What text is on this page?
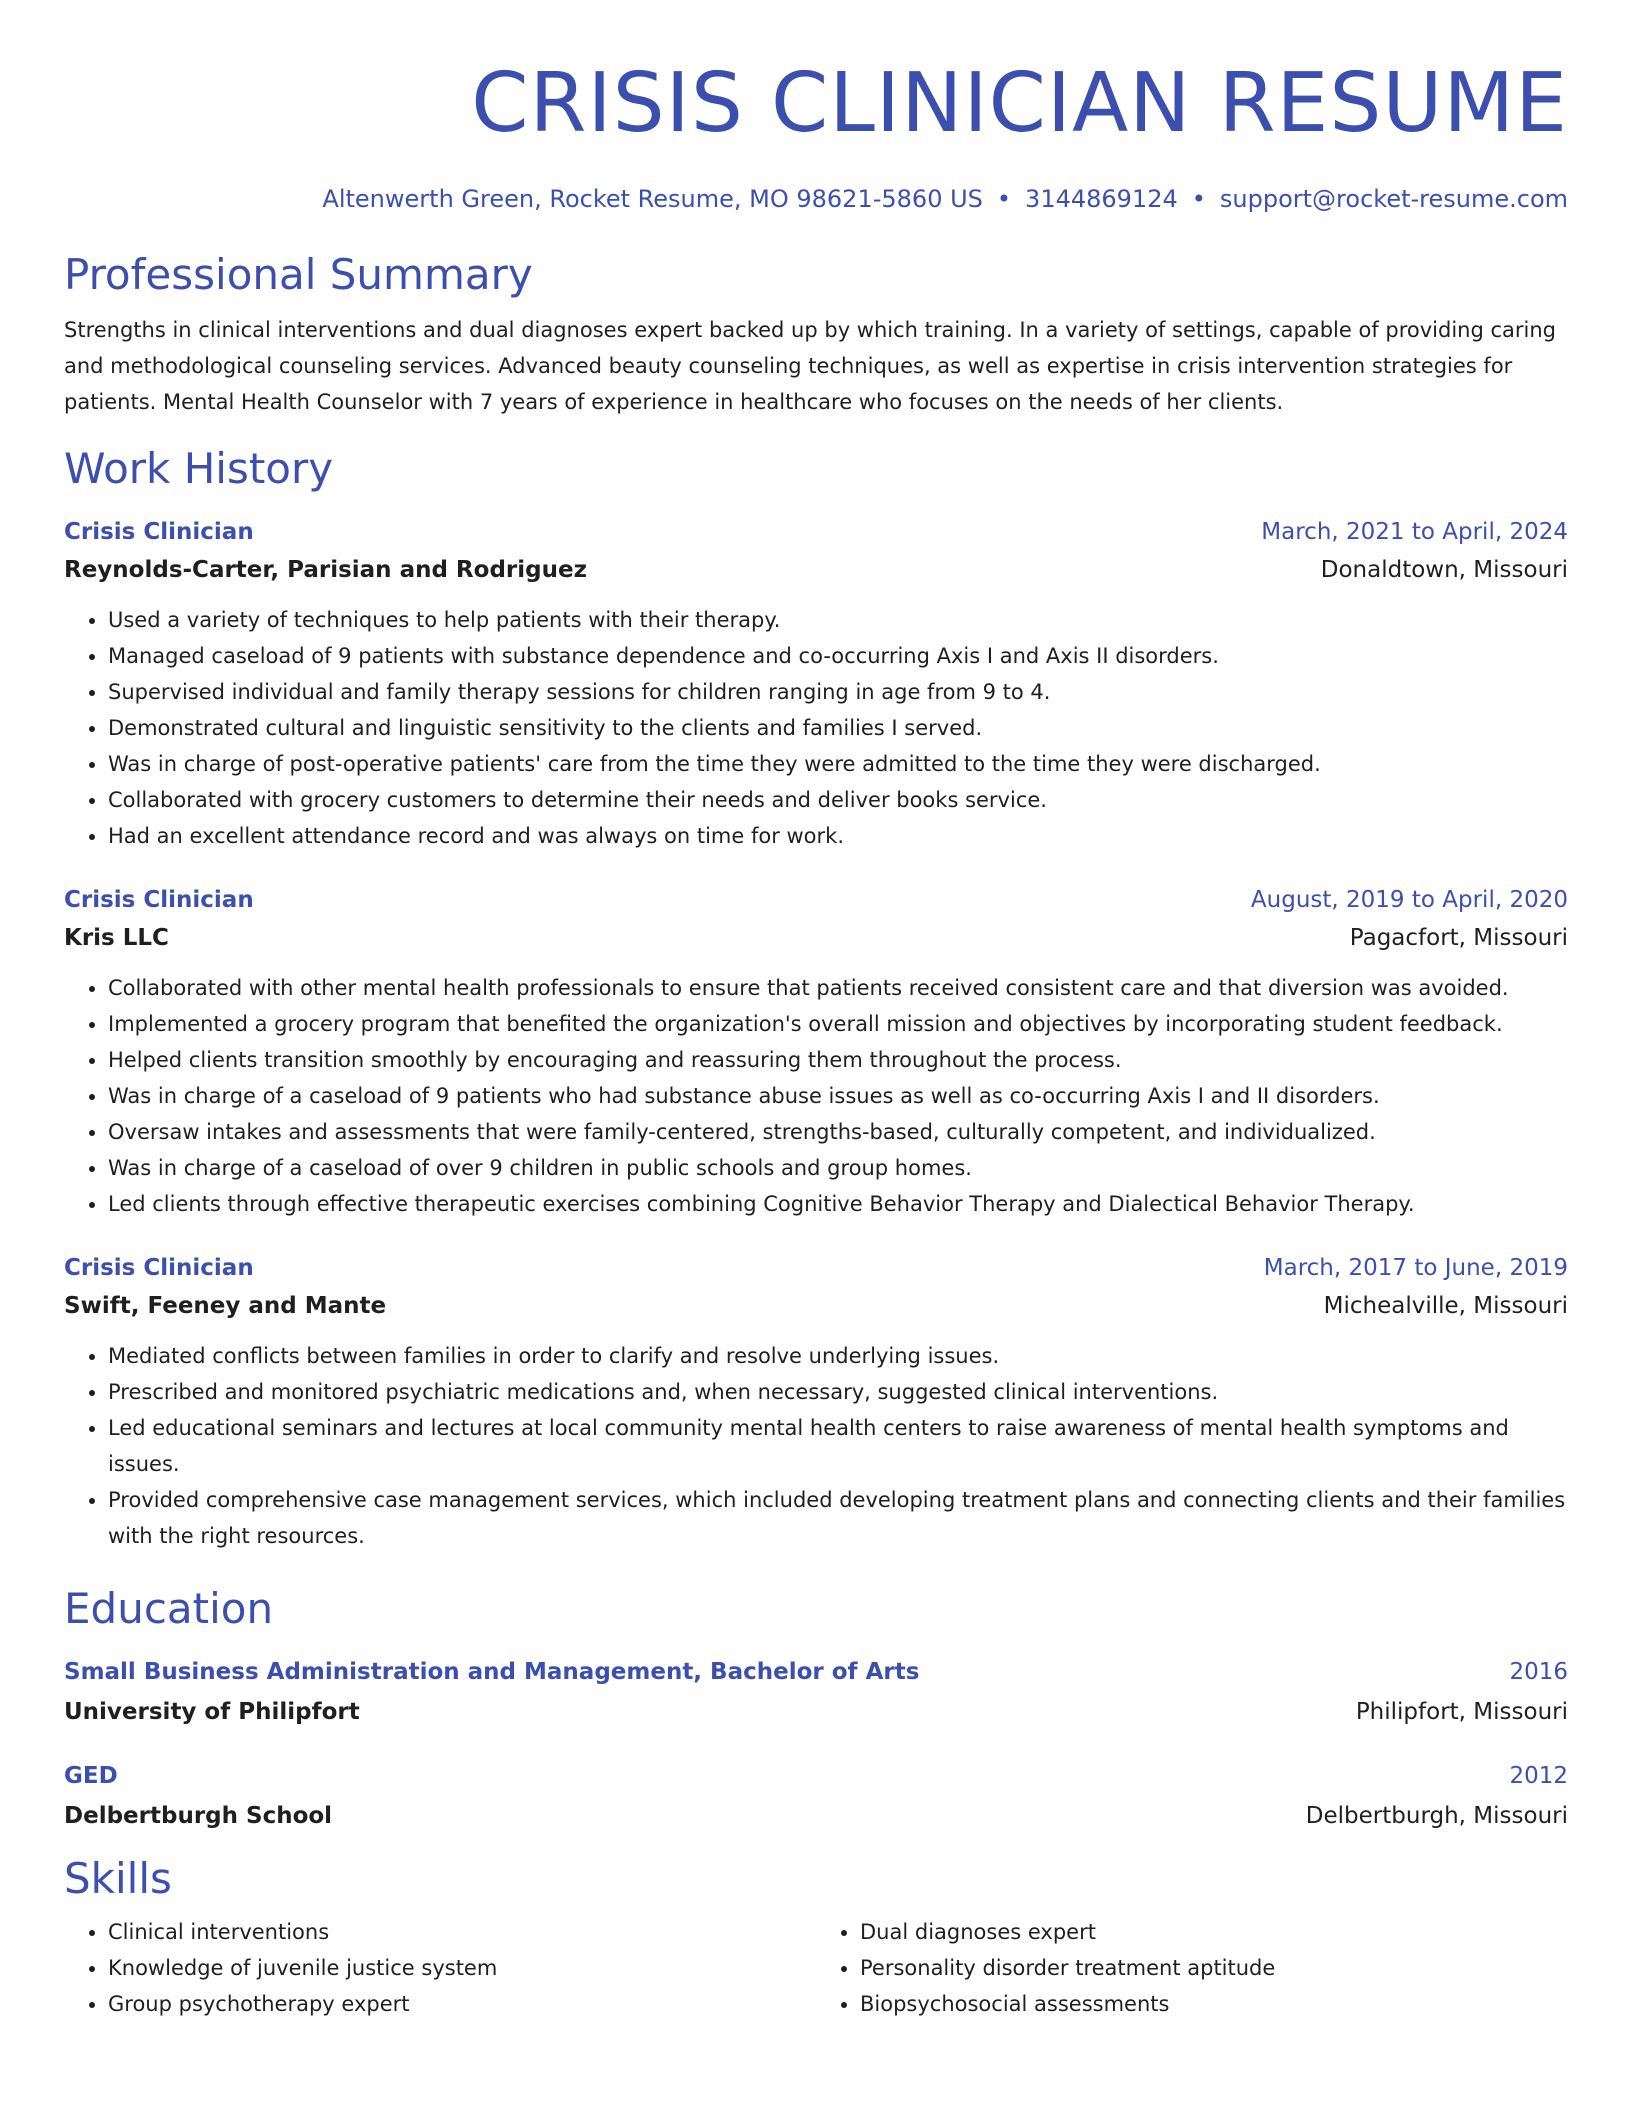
CRISIS CLINICIAN RESUME
Altenwerth Green, Rocket Resume, MO 98621-5860 US • 3144869124 • support@rocket-resume.com
Professional Summary

Strengths in clinical interventions and dual diagnoses expert backed up by which training. In a variety of settings, capable of providing caring and methodological counseling services. Advanced beauty counseling techniques, as well as expertise in crisis intervention strategies for patients. Mental Health Counselor with 7 years of experience in healthcare who focuses on the needs of her clients.

Work History
Crisis Clinician	March, 2021 to April, 2024
Reynolds-Carter, Parisian and Rodriguez	Donaldtown, Missouri
• Used a variety of techniques to help patients with their therapy.
• Managed caseload of 9 patients with substance dependence and co-occurring Axis I and Axis II disorders.
• Supervised individual and family therapy sessions for children ranging in age from 9 to 4.
• Demonstrated cultural and linguistic sensitivity to the clients and families I served.
• Was in charge of post-operative patients' care from the time they were admitted to the time they were discharged.
• Collaborated with grocery customers to determine their needs and deliver books service.
• Had an excellent attendance record and was always on time for work.
Crisis Clinician	August, 2019 to April, 2020
Kris LLC	Pagacfort, Missouri
• Collaborated with other mental health professionals to ensure that patients received consistent care and that diversion was avoided.
• Implemented a grocery program that benefited the organization's overall mission and objectives by incorporating student feedback.
• Helped clients transition smoothly by encouraging and reassuring them throughout the process.
• Was in charge of a caseload of 9 patients who had substance abuse issues as well as co-occurring Axis I and II disorders.
• Oversaw intakes and assessments that were family-centered, strengths-based, culturally competent, and individualized.
• Was in charge of a caseload of over 9 children in public schools and group homes.
• Led clients through effective therapeutic exercises combining Cognitive Behavior Therapy and Dialectical Behavior Therapy.
Crisis Clinician	March, 2017 to June, 2019
Swift, Feeney and Mante	Michealville, Missouri
• Mediated conflicts between families in order to clarify and resolve underlying issues.
• Prescribed and monitored psychiatric medications and, when necessary, suggested clinical interventions.
• Led educational seminars and lectures at local community mental health centers to raise awareness of mental health symptoms and issues.
• Provided comprehensive case management services, which included developing treatment plans and connecting clients and their families with the right resources.
Education
Small Business Administration and Management, Bachelor of Arts	2016
University of Philipfort	Philipfort, Missouri
GED	2012
Delbertburgh School	Delbertburgh, Missouri
Skills
• Clinical interventions
• Knowledge of juvenile justice system
• Group psychotherapy expert
• Dual diagnoses expert
• Personality disorder treatment aptitude
• Biopsychosocial assessments
